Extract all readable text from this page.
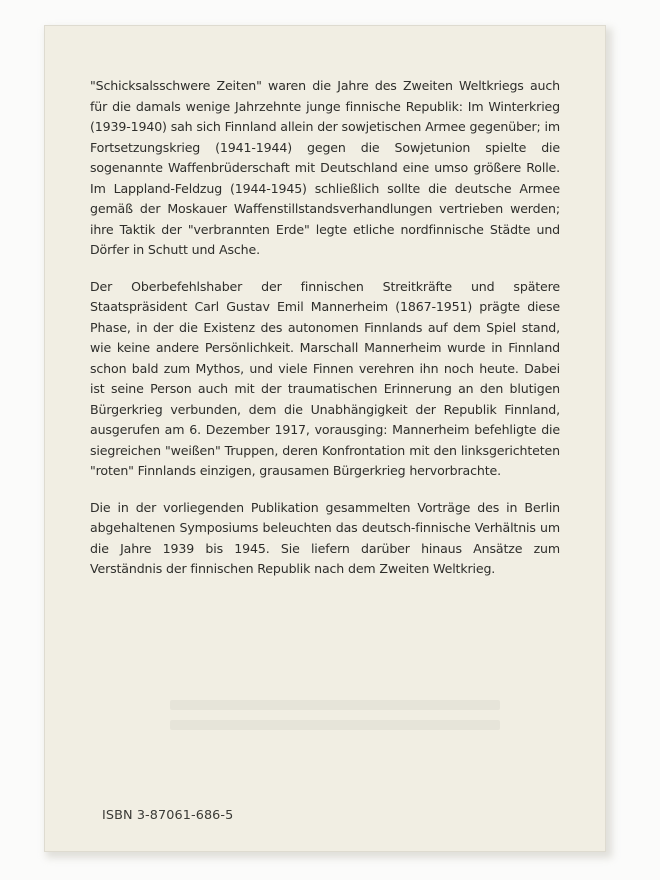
"Schicksalsschwere Zeiten" waren die Jahre des Zweiten Weltkriegs auch für die damals wenige Jahrzehnte junge finnische Republik: Im Winterkrieg (1939-1940) sah sich Finnland allein der sowjetischen Armee gegenüber; im Fortsetzungskrieg (1941-1944) gegen die Sowjetunion spielte die sogenannte Waffenbrüderschaft mit Deutschland eine umso größere Rolle. Im Lappland-Feldzug (1944-1945) schließlich sollte die deutsche Armee gemäß der Moskauer Waffenstillstandsverhandlungen vertrieben werden; ihre Taktik der "verbrannten Erde" legte etliche nordfinnische Städte und Dörfer in Schutt und Asche.

Der Oberbefehlshaber der finnischen Streitkräfte und spätere Staatspräsident Carl Gustav Emil Mannerheim (1867-1951) prägte diese Phase, in der die Existenz des autonomen Finnlands auf dem Spiel stand, wie keine andere Persönlichkeit. Marschall Mannerheim wurde in Finnland schon bald zum Mythos, und viele Finnen verehren ihn noch heute. Dabei ist seine Person auch mit der traumatischen Erinnerung an den blutigen Bürgerkrieg verbunden, dem die Unabhängigkeit der Republik Finnland, ausgerufen am 6. Dezember 1917, vorausging: Mannerheim befehligte die siegreichen "weißen" Truppen, deren Konfrontation mit den linksgerichteten "roten" Finnlands einzigen, grausamen Bürgerkrieg hervorbrachte.

Die in der vorliegenden Publikation gesammelten Vorträge des in Berlin abgehaltenen Symposiums beleuchten das deutsch-finnische Verhältnis um die Jahre 1939 bis 1945. Sie liefern darüber hinaus Ansätze zum Verständnis der finnischen Republik nach dem Zweiten Weltkrieg.

ISBN 3-87061-686-5
